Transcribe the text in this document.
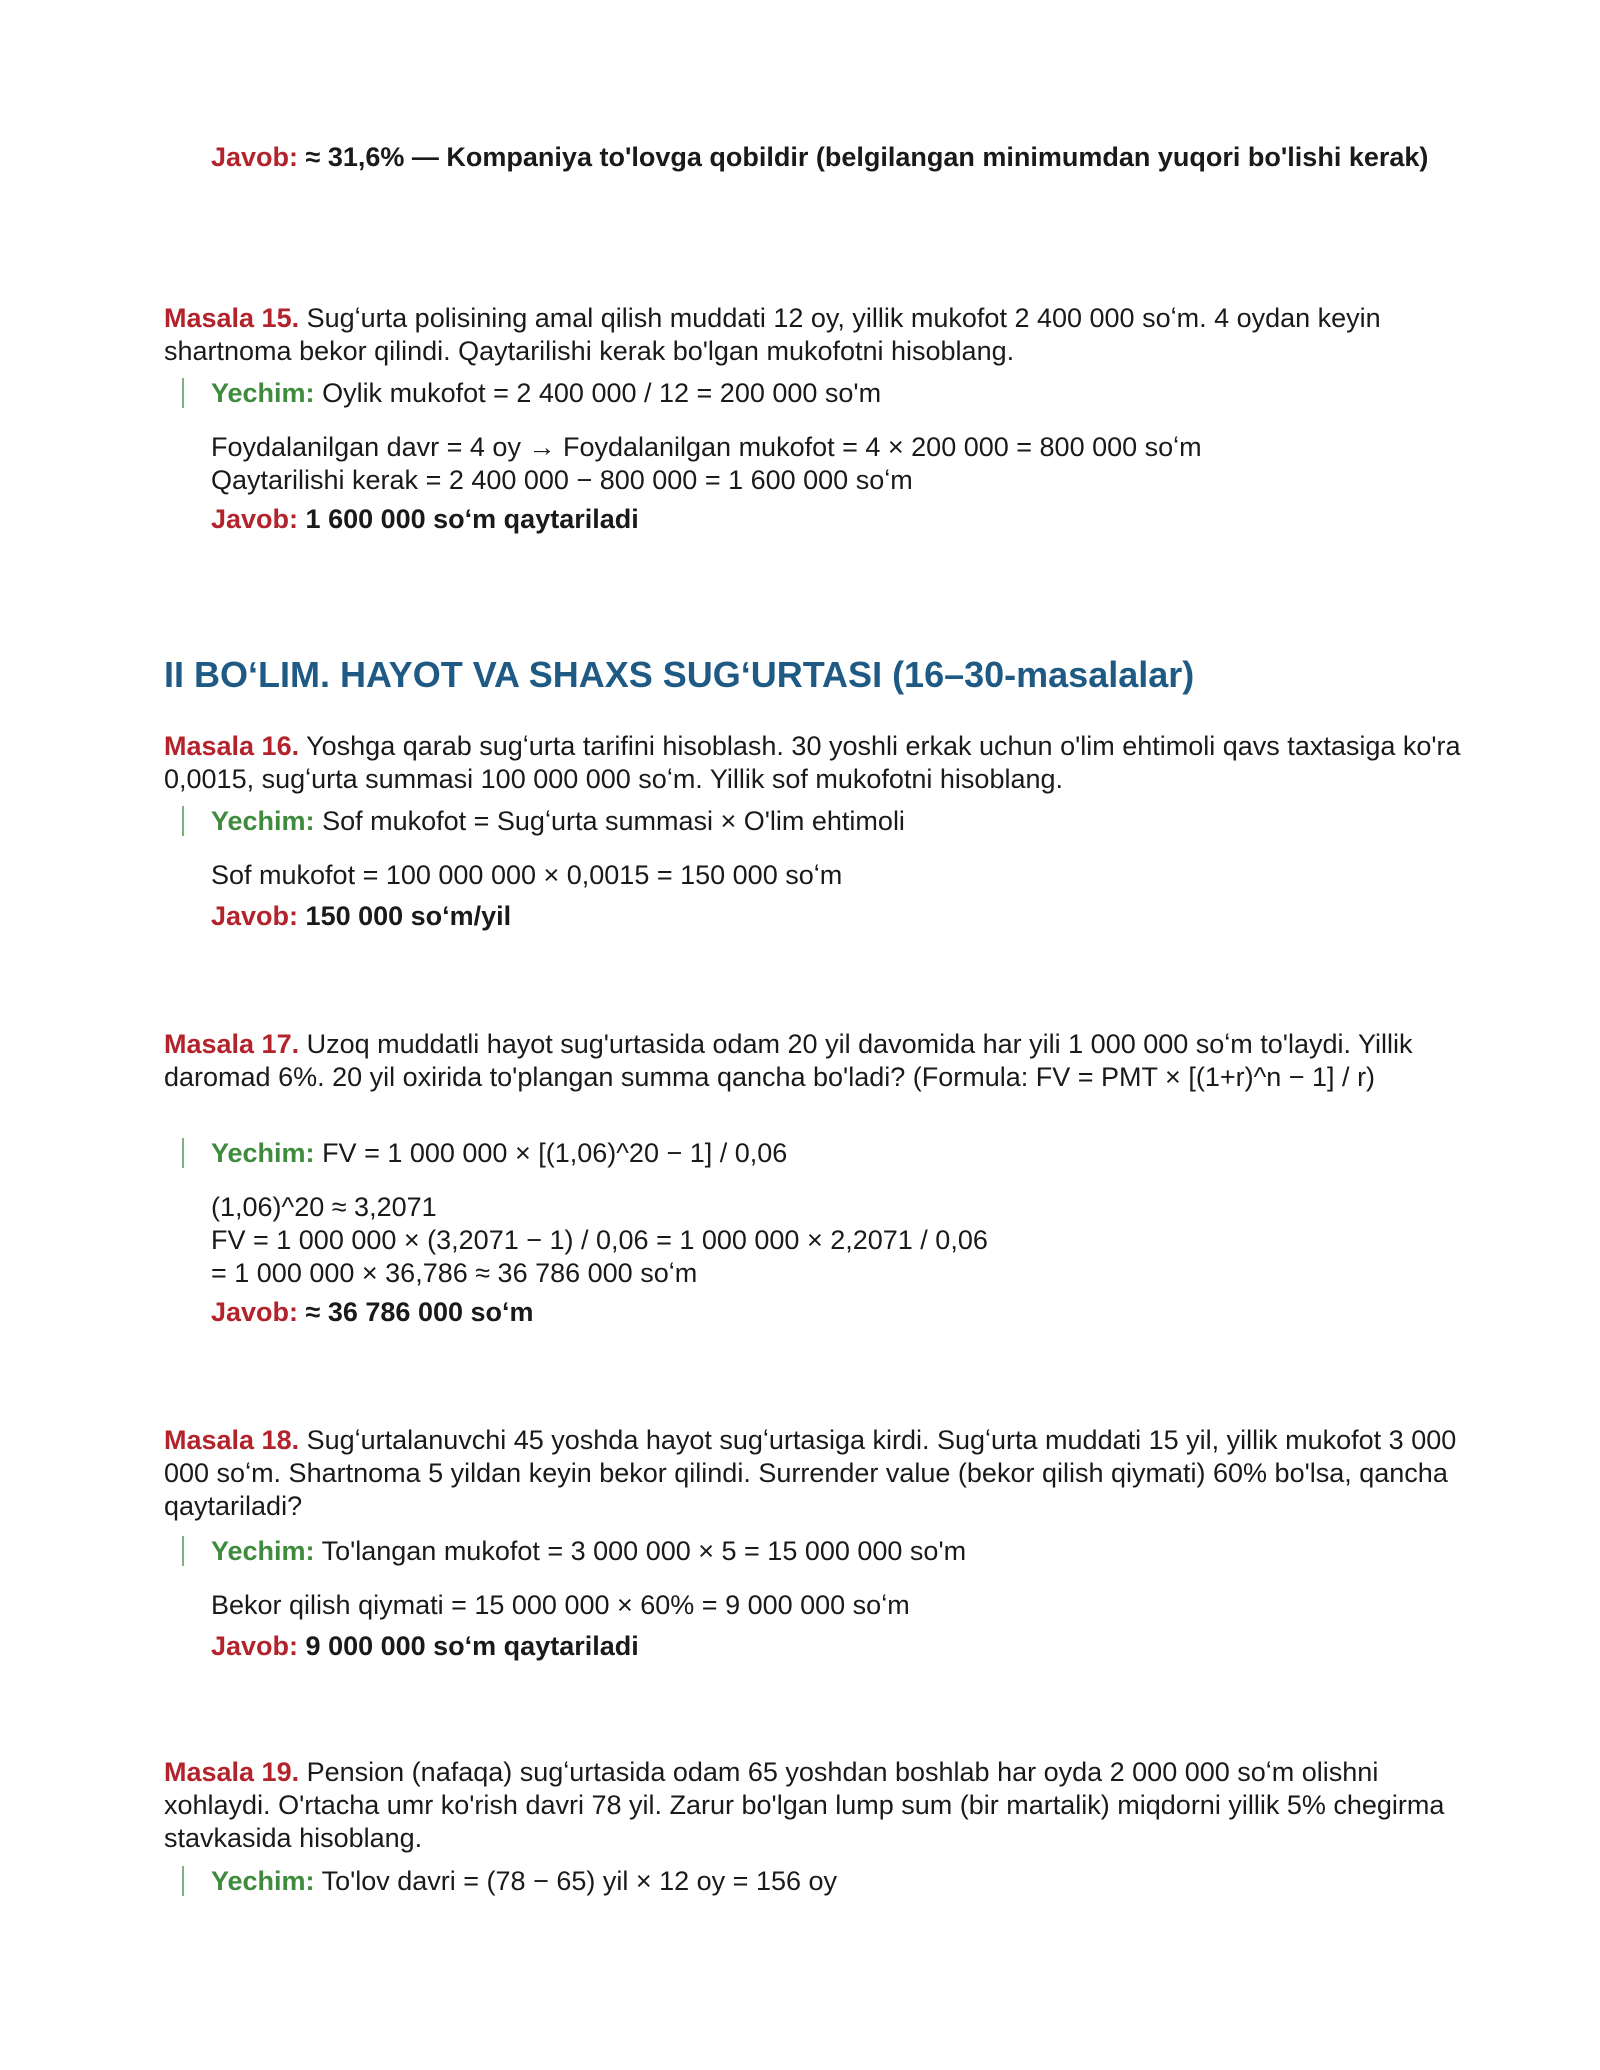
Javob: ≈ 31,6% — Kompaniya to'lovga qobildir (belgilangan minimumdan yuqori bo'lishi kerak)
Masala 15. Sugʻurta polisining amal qilish muddati 12 oy, yillik mukofot 2 400 000 soʻm. 4 oydan keyin shartnoma bekor qilindi. Qaytarilishi kerak bo'lgan mukofotni hisoblang.
Yechim: Oylik mukofot = 2 400 000 / 12 = 200 000 so'm

Foydalanilgan davr = 4 oy → Foydalanilgan mukofot = 4 × 200 000 = 800 000 soʻm

Qaytarilishi kerak = 2 400 000 − 800 000 = 1 600 000 soʻm

Javob: 1 600 000 soʻm qaytariladi
II BOʻLIM. HAYOT VA SHAXS SUGʻURTASI (16–30-masalalar)
Masala 16. Yoshga qarab sugʻurta tarifini hisoblash. 30 yoshli erkak uchun o'lim ehtimoli qavs taxtasiga ko'ra 0,0015, sugʻurta summasi 100 000 000 soʻm. Yillik sof mukofotni hisoblang.
Yechim: Sof mukofot = Sugʻurta summasi × O'lim ehtimoli

Sof mukofot = 100 000 000 × 0,0015 = 150 000 soʻm

Javob: 150 000 soʻm/yil
Masala 17. Uzoq muddatli hayot sug'urtasida odam 20 yil davomida har yili 1 000 000 soʻm to'laydi. Yillik daromad 6%. 20 yil oxirida to'plangan summa qancha bo'ladi? (Formula: FV = PMT × [(1+r)^n − 1] / r)
Yechim: FV = 1 000 000 × [(1,06)^20 − 1] / 0,06

(1,06)^20 ≈ 3,2071

FV = 1 000 000 × (3,2071 − 1) / 0,06 = 1 000 000 × 2,2071 / 0,06

= 1 000 000 × 36,786 ≈ 36 786 000 soʻm

Javob: ≈ 36 786 000 soʻm
Masala 18. Sugʻurtalanuvchi 45 yoshda hayot sugʻurtasiga kirdi. Sugʻurta muddati 15 yil, yillik mukofot 3 000 000 soʻm. Shartnoma 5 yildan keyin bekor qilindi. Surrender value (bekor qilish qiymati) 60% bo'lsa, qancha qaytariladi?
Yechim: To'langan mukofot = 3 000 000 × 5 = 15 000 000 so'm

Bekor qilish qiymati = 15 000 000 × 60% = 9 000 000 soʻm

Javob: 9 000 000 soʻm qaytariladi
Masala 19. Pension (nafaqa) sugʻurtasida odam 65 yoshdan boshlab har oyda 2 000 000 soʻm olishni xohlaydi. O'rtacha umr ko'rish davri 78 yil. Zarur bo'lgan lump sum (bir martalik) miqdorni yillik 5% chegirma stavkasida hisoblang.
Yechim: To'lov davri = (78 − 65) yil × 12 oy = 156 oy
